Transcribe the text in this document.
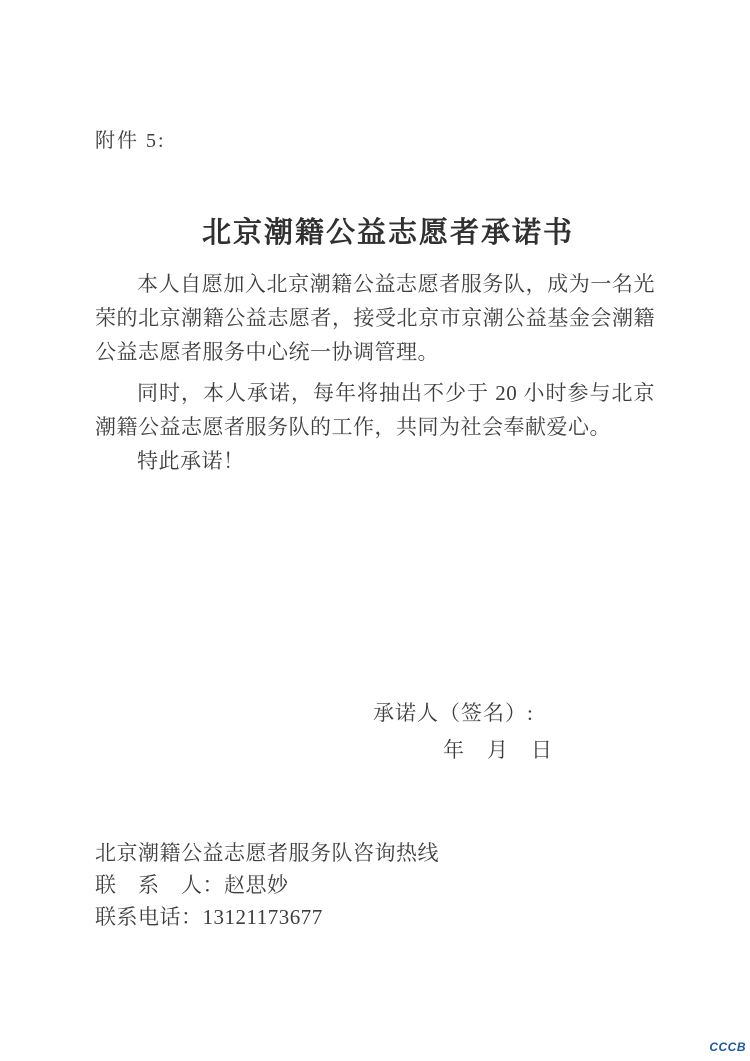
附件 5:
北京潮籍公益志愿者承诺书

本人自愿加入北京潮籍公益志愿者服务队，成为一名光荣的北京潮籍公益志愿者，接受北京市京潮公益基金会潮籍公益志愿者服务中心统一协调管理。

同时，本人承诺，每年将抽出不少于 20 小时参与北京潮籍公益志愿者服务队的工作，共同为社会奉献爱心。

特此承诺！

承诺人（签名）:
年　月　日
北京潮籍公益志愿者服务队咨询热线
联　系　人：赵思妙
联系电话：13121173677
CCCB
